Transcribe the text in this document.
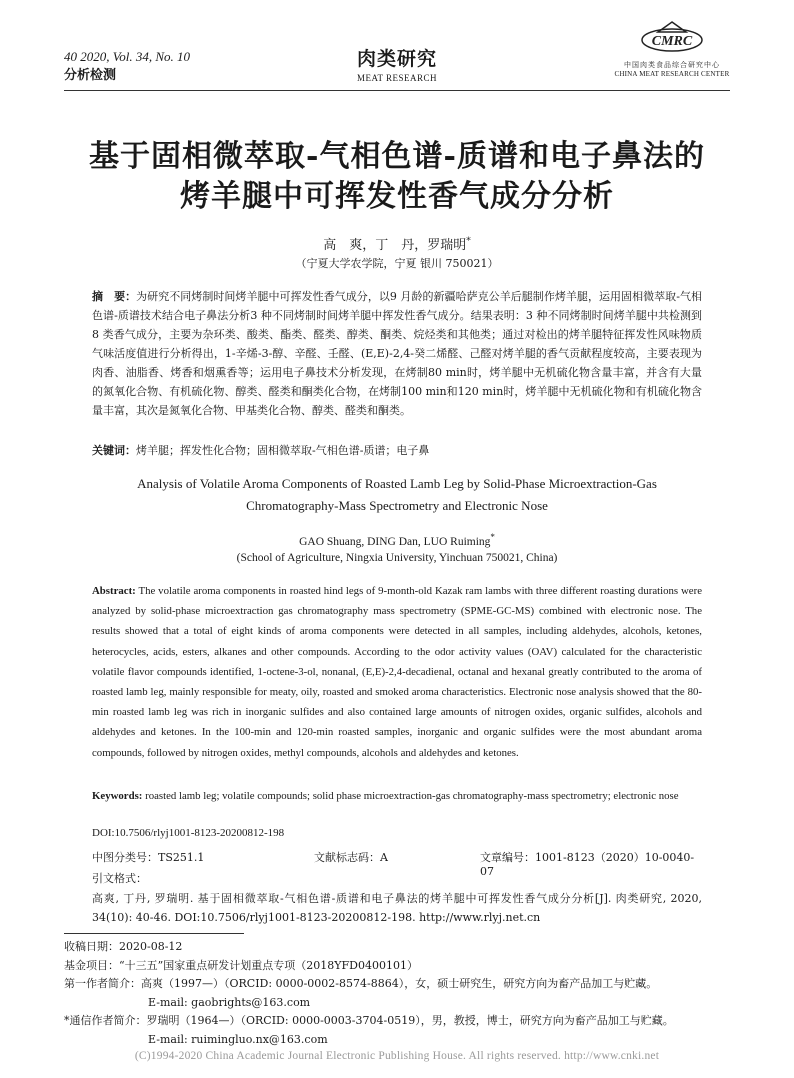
40 2020, Vol. 34, No. 10
分析检测
肉类研究
MEAT RESEARCH
CMRC
中国肉类食品综合研究中心
CHINA MEAT RESEARCH CENTER
基于固相微萃取-气相色谱-质谱和电子鼻法的
烤羊腿中可挥发性香气成分分析
高　爽，丁　丹，罗瑞明*
（宁夏大学农学院，宁夏 银川 750021）
摘　要：为研究不同烤制时间烤羊腿中可挥发性香气成分，以9 月龄的新疆哈萨克公羊后腿制作烤羊腿，运用固相微萃取-气相色谱-质谱技术结合电子鼻法分析3 种不同烤制时间烤羊腿中挥发性香气成分。结果表明：3 种不同烤制时间烤羊腿中共检测到8 类香气成分，主要为杂环类、酸类、酯类、醛类、醇类、酮类、烷烃类和其他类；通过对检出的烤羊腿特征挥发性风味物质气味活度值进行分析得出，1-辛烯-3-醇、辛醛、壬醛、(E,E)-2,4-癸二烯醛、己醛对烤羊腿的香气贡献程度较高，主要表现为肉香、油脂香、烤香和烟熏香等；运用电子鼻技术分析发现，在烤制80 min时，烤羊腿中无机硫化物含量丰富，并含有大量的氮氧化合物、有机硫化物、醇类、醛类和酮类化合物，在烤制100 min和120 min时，烤羊腿中无机硫化物和有机硫化物含量丰富，其次是氮氧化合物、甲基类化合物、醇类、醛类和酮类。
关键词：烤羊腿；挥发性化合物；固相微萃取-气相色谱-质谱；电子鼻
Analysis of Volatile Aroma Components of Roasted Lamb Leg by Solid-Phase Microextraction-Gas
Chromatography-Mass Spectrometry and Electronic Nose
GAO Shuang, DING Dan, LUO Ruiming*
(School of Agriculture, Ningxia University, Yinchuan 750021, China)
Abstract: The volatile aroma components in roasted hind legs of 9-month-old Kazak ram lambs with three different roasting durations were analyzed by solid-phase microextraction gas chromatography mass spectrometry (SPME-GC-MS) combined with electronic nose. The results showed that a total of eight kinds of aroma components were detected in all samples, including aldehydes, alcohols, ketones, heterocycles, acids, esters, alkanes and other compounds. According to the odor activity values (OAV) calculated for the characteristic volatile flavor compounds identified, 1-octene-3-ol, nonanal, (E,E)-2,4-decadienal, octanal and hexanal greatly contributed to the aroma of roasted lamb leg, mainly responsible for meaty, oily, roasted and smoked aroma characteristics. Electronic nose analysis showed that the 80-min roasted lamb leg was rich in inorganic sulfides and also contained large amounts of nitrogen oxides, organic sulfides, alcohols and aldehydes and ketones. In the 100-min and 120-min roasted samples, inorganic and organic sulfides were the most abundant aroma compounds, followed by nitrogen oxides, methyl compounds, alcohols and aldehydes and ketones.
Keywords: roasted lamb leg; volatile compounds; solid phase microextraction-gas chromatography-mass spectrometry; electronic nose
DOI:10.7506/rlyj1001-8123-20200812-198
中图分类号：TS251.1	文献标志码：A	文章编号：1001-8123（2020）10-0040-07
引文格式：
高爽, 丁丹, 罗瑞明. 基于固相微萃取-气相色谱-质谱和电子鼻法的烤羊腿中可挥发性香气成分分析[J]. 肉类研究, 2020, 34(10): 40-46. DOI:10.7506/rlyj1001-8123-20200812-198. http://www.rlyj.net.cn
收稿日期：2020-08-12
基金项目：“十三五”国家重点研发计划重点专项（2018YFD0400101）
第一作者简介：高爽（1997—）（ORCID: 0000-0002-8574-8864），女，硕士研究生，研究方向为畜产品加工与贮藏。
E-mail: gaobrights@163.com
*通信作者简介：罗瑞明（1964—）（ORCID: 0000-0003-3704-0519），男，教授，博士，研究方向为畜产品加工与贮藏。
E-mail: ruimingluo.nx@163.com
(C)1994-2020 China Academic Journal Electronic Publishing House. All rights reserved. http://www.cnki.net
